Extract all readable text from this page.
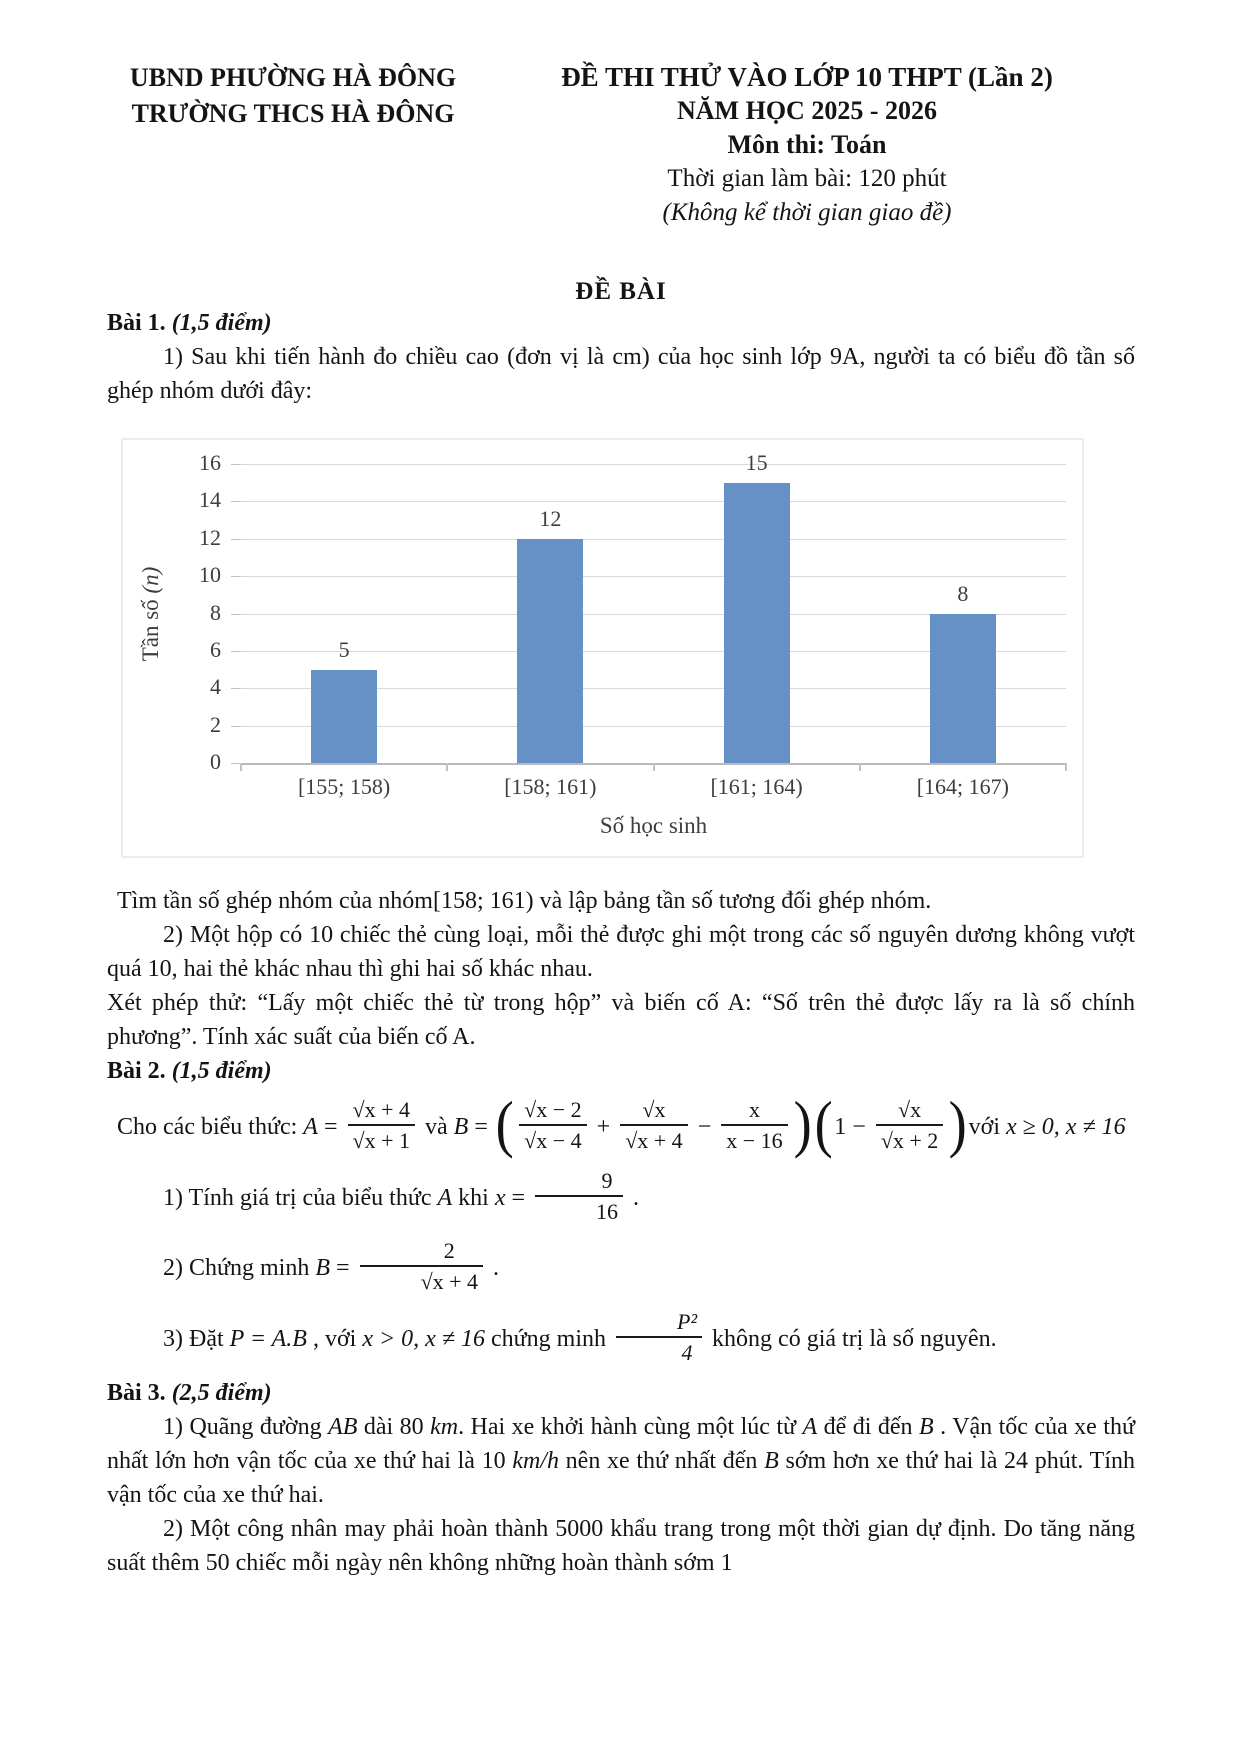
UBND PHƯỜNG HÀ ĐÔNG
TRƯỜNG THCS HÀ ĐÔNG
ĐỀ THI THỬ VÀO LỚP 10 THPT (Lần 2)
NĂM HỌC 2025 - 2026
Môn thi: Toán
Thời gian làm bài: 120 phút
(Không kể thời gian giao đề)
ĐỀ BÀI
Bài 1. (1,5 điểm)
1) Sau khi tiến hành đo chiều cao (đơn vị là cm) của học sinh lớp 9A, người ta có biểu đồ tần số ghép nhóm dưới đây:
0
2
4
6
8
10
12
14
16
5
[155; 158)
12
[158; 161)
15
[161; 164)
8
[164; 167)
Số học sinh
Tần số (n)
Tìm tần số ghép nhóm của nhóm[158; 161) và lập bảng tần số tương đối ghép nhóm.
2) Một hộp có 10 chiếc thẻ cùng loại, mỗi thẻ được ghi một trong các số nguyên dương không vượt quá 10, hai thẻ khác nhau thì ghi hai số khác nhau.
Xét phép thử: “Lấy một chiếc thẻ từ trong hộp” và biến cố A: “Số trên thẻ được lấy ra là số chính phương”. Tính xác suất của biến cố A.
Bài 2. (1,5 điểm)
Cho các biểu thức: $A = \frac{√x + 4}{√x + 1}$ và B = ( $\frac{√x - 2}{√x - 4} + \frac{√x}{√x + 4} - \frac{x}{x - 16} )(1 - \frac{√x}{√x + 2}$ )với x ≥ 0, x ≠ 16
1) Tính giá trị của biểu thức A khi $x = \frac{9}{16}$ .
2) Chứng minh $B = \frac{2}{√x + 4}$ .
3) Đặt P = A.B , với x > 0, x ≠ 16 chứng minh $\frac{\text{P²}}{4}$ không có giá trị là số nguyên.
Bài 3. (2,5 điểm)
1) Quãng đường AB dài 80 km. Hai xe khởi hành cùng một lúc từ A để đi đến B . Vận tốc của xe thứ nhất lớn hơn vận tốc của xe thứ hai là 10 km/h nên xe thứ nhất đến B sớm hơn xe thứ hai là 24 phút. Tính vận tốc của xe thứ hai.
2) Một công nhân may phải hoàn thành 5000 khẩu trang trong một thời gian dự định. Do tăng năng suất thêm 50 chiếc mỗi ngày nên không những hoàn thành sớm 1
